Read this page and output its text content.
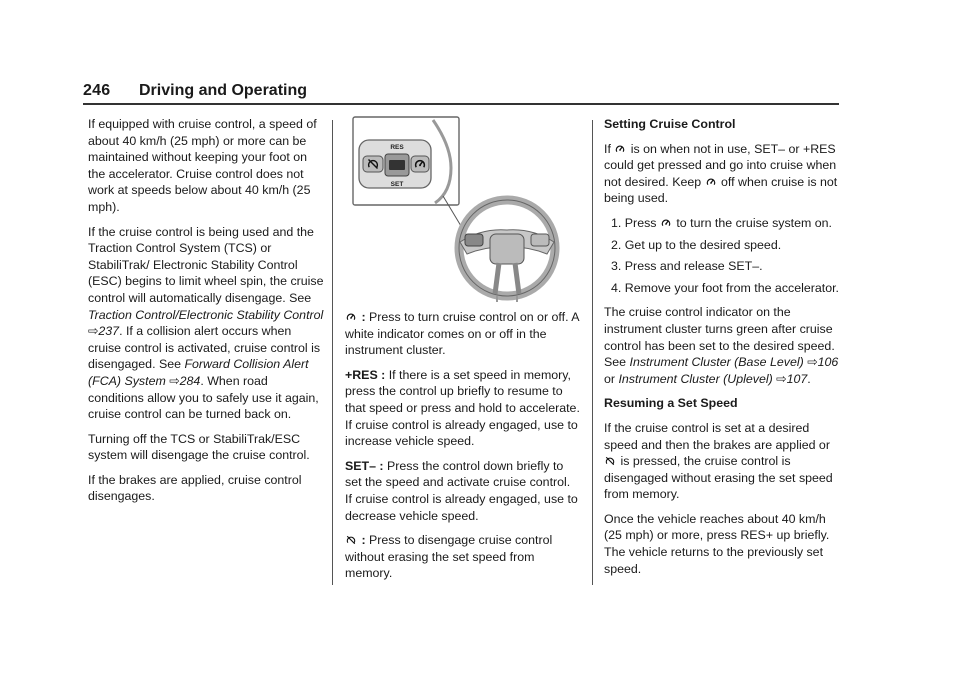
246 Driving and Operating

If equipped with cruise control, a speed of about 40 km/h (25 mph) or more can be maintained without keeping your foot on the accelerator. Cruise control does not work at speeds below about 40 km/h (25 mph).

If the cruise control is being used and the Traction Control System (TCS) or StabiliTrak/ Electronic Stability Control (ESC) begins to limit wheel spin, the cruise control will automatically disengage. See Traction Control/Electronic Stability Control ⇨237. If a collision alert occurs when cruise control is activated, cruise control is disengaged. See Forward Collision Alert (FCA) System ⇨284. When road conditions allow you to safely use it again, cruise control can be turned back on.

Turning off the TCS or StabiliTrak/ESC system will disengage the cruise control.

If the brakes are applied, cruise control disengages.

RES
SET

: Press to turn cruise control on or off. A white indicator comes on or off in the instrument cluster.

+RES : If there is a set speed in memory, press the control up briefly to resume to that speed or press and hold to accelerate. If cruise control is already engaged, use to increase vehicle speed.

SET– : Press the control down briefly to set the speed and activate cruise control.
If cruise control is already engaged, use to decrease vehicle speed.

: Press to disengage cruise control without erasing the set speed from memory.

Setting Cruise Control

If  is on when not in use, SET– or +RES could get pressed and go into cruise when not desired. Keep  off when cruise is not being used.

1. Press  to turn the cruise system on.
2. Get up to the desired speed.
3. Press and release SET–.
4. Remove your foot from the accelerator.

The cruise control indicator on the instrument cluster turns green after cruise control has been set to the desired speed. See Instrument Cluster (Base Level) ⇨106 or Instrument Cluster (Uplevel) ⇨107.

Resuming a Set Speed

If the cruise control is set at a desired speed and then the brakes are applied or  is pressed, the cruise control is disengaged without erasing the set speed from memory.

Once the vehicle reaches about 40 km/h (25 mph) or more, press RES+ up briefly. The vehicle returns to the previously set speed.
